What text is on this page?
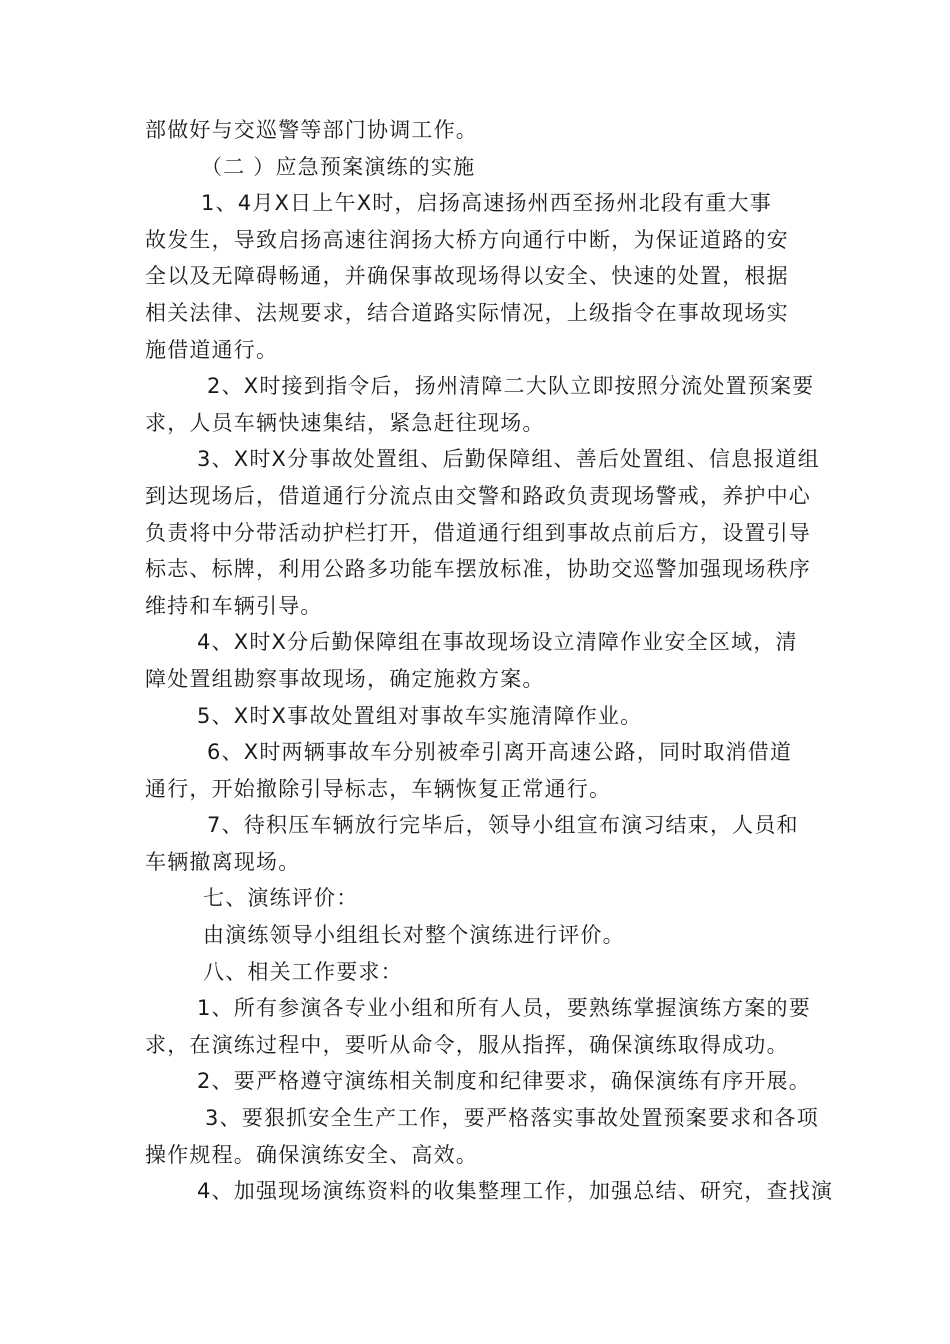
部做好与交巡警等部门协调工作。
（二 ）应急预案演练的实施
1、4月X日上午X时，启扬高速扬州西至扬州北段有重大事
故发生，导致启扬高速往润扬大桥方向通行中断，为保证道路的安
全以及无障碍畅通，并确保事故现场得以安全、快速的处置，根据
相关法律、法规要求，结合道路实际情况，上级指令在事故现场实
施借道通行。
2、X时接到指令后，扬州清障二大队立即按照分流处置预案要
求，人员车辆快速集结，紧急赶往现场。
3、X时X分事故处置组、后勤保障组、善后处置组、信息报道组
到达现场后，借道通行分流点由交警和路政负责现场警戒，养护中心
负责将中分带活动护栏打开，借道通行组到事故点前后方，设置引导
标志、标牌，利用公路多功能车摆放标准，协助交巡警加强现场秩序
维持和车辆引导。
4、X时X分后勤保障组在事故现场设立清障作业安全区域，清
障处置组勘察事故现场，确定施救方案。
5、X时X事故处置组对事故车实施清障作业。
6、X时两辆事故车分别被牵引离开高速公路，同时取消借道
通行，开始撤除引导标志，车辆恢复正常通行。
7、待积压车辆放行完毕后，领导小组宣布演习结束，人员和
车辆撤离现场。
七、演练评价：
由演练领导小组组长对整个演练进行评价。
八、相关工作要求：
1、所有参演各专业小组和所有人员，要熟练掌握演练方案的要
求，在演练过程中，要听从命令，服从指挥，确保演练取得成功。
2、要严格遵守演练相关制度和纪律要求，确保演练有序开展。
3、要狠抓安全生产工作，要严格落实事故处置预案要求和各项
操作规程。确保演练安全、高效。
4、加强现场演练资料的收集整理工作，加强总结、研究，查找演
